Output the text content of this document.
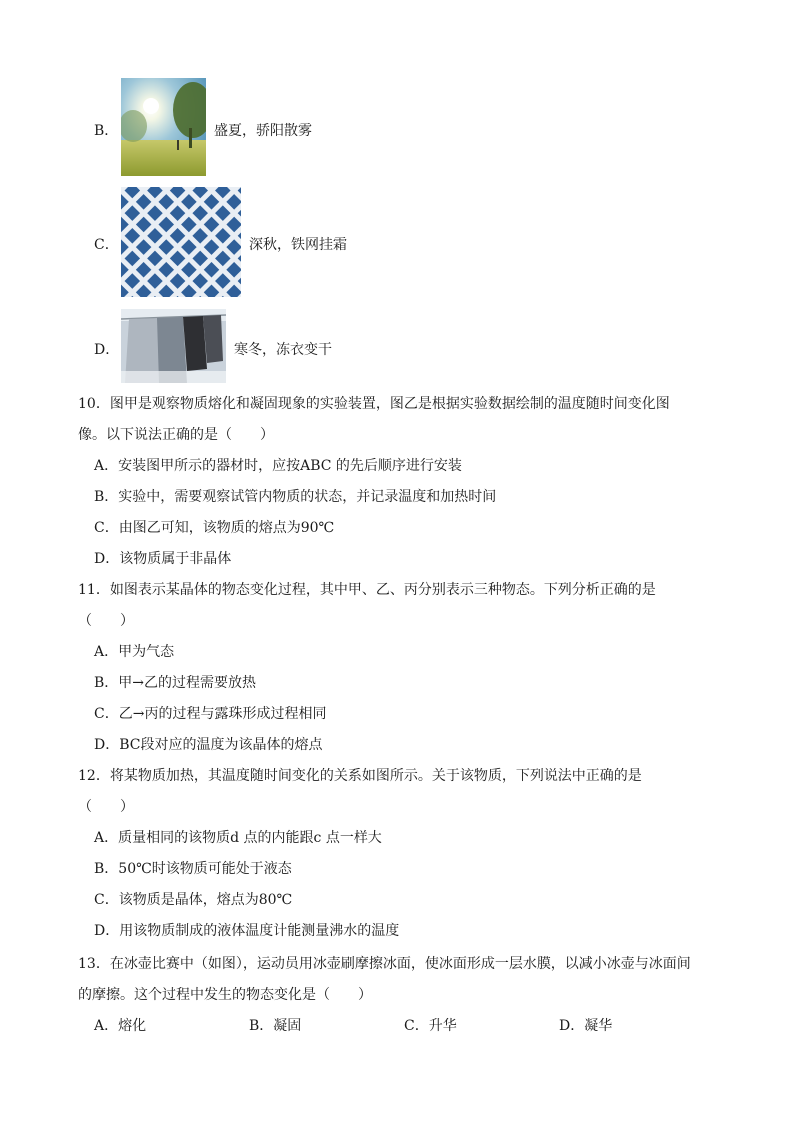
B．	盛夏，骄阳散雾
C．	深秋，铁网挂霜
D．	寒冬，冻衣变干
10．图甲是观察物质熔化和凝固现象的实验装置，图乙是根据实验数据绘制的温度随时间变化图
像。以下说法正确的是（　　）
A．安装图甲所示的器材时，应按ABC 的先后顺序进行安装
B．实验中，需要观察试管内物质的状态，并记录温度和加热时间
C．由图乙可知，该物质的熔点为90℃
D．该物质属于非晶体
11．如图表示某晶体的物态变化过程，其中甲、乙、丙分别表示三种物态。下列分析正确的是
（　　）
A．甲为气态
B．甲→乙的过程需要放热
C．乙→丙的过程与露珠形成过程相同
D．BC段对应的温度为该晶体的熔点
12．将某物质加热，其温度随时间变化的关系如图所示。关于该物质，下列说法中正确的是
（　　）
A．质量相同的该物质d 点的内能跟c 点一样大
B．50℃时该物质可能处于液态
C．该物质是晶体，熔点为80℃
D．用该物质制成的液体温度计能测量沸水的温度
13．在冰壶比赛中（如图），运动员用冰壶刷摩擦冰面，使冰面形成一层水膜，以减小冰壶与冰面间
的摩擦。这个过程中发生的物态变化是（　　）
A．熔化	B．凝固	C．升华	D．凝华
